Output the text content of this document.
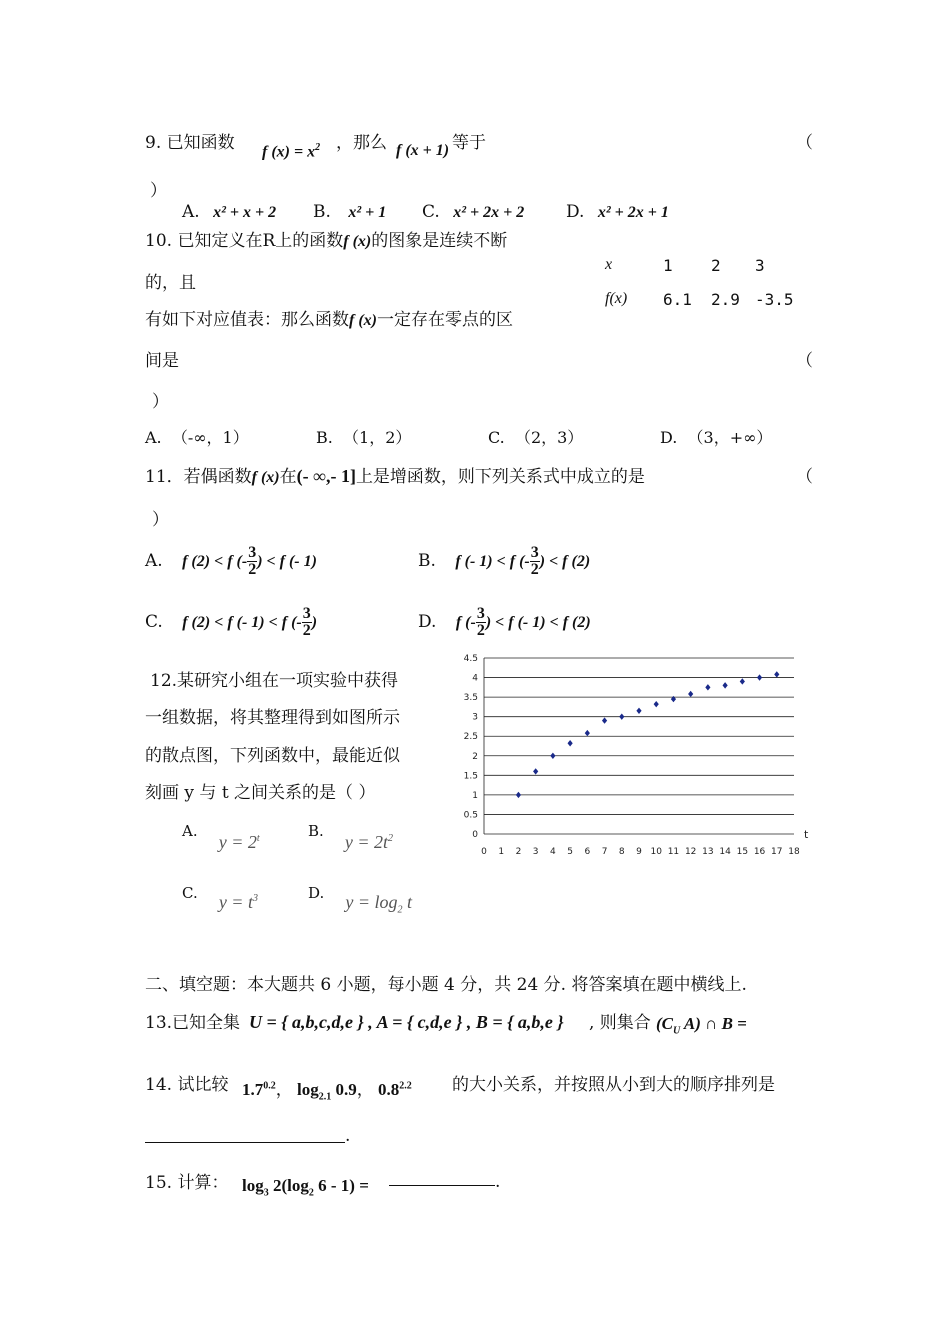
9. 已知函数 f $(x) = x^2$ ，那么 f (x + 1) 等于	（
）
A. x² + x + 2 B. x² + 1 C. x² + 2x + 2 D. x² + 2x + 1
10. 已知定义在R上的函数f (x)的图象是连续不断
的，且
有如下对应值表：那么函数f (x)一定存在零点的区
间是	（
）
x	1	2	3
f(x)	6.1	2.9	-3.5
A. （-∞，1）	B. （1，2）	C. （2，3）	D. （3，+∞）
11．若偶函数f (x)在(- ∞,- 1]上是增函数，则下列关系式中成立的是	（
）
A. f (2) < f (- $\frac{3}{2}$ ) < f (- 1)	B. f (- 1) < f (- $\frac{3}{2}$ ) < f (2)
C. f (2) < f (- 1) < f (- $\frac{3}{2}$ )	D. f (- $\frac{3}{2}$ ) < f (- 1) < f (2)
12.某研究小组在一项实验中获得
一组数据，将其整理得到如图所示
的散点图，下列函数中，最能近似
刻画 y 与 t 之间关系的是（ ）
A. $y = 2^t$	B. $y = 2t^2$
C. $y = t^3$	D. $y = \log_2 t$
0
0.5
1
1.5
2
2.5
3
3.5
4
4.5
0 1 2 3 4 5 6 7 8 9 10 11 12 13 14 15 16 17 18
t
二、填空题：本大题共 6 小题，每小题 4 分，共 24 分. 将答案填在题中横线上.
13.已知全集 U = { a,b,c,d,e } , A = { c,d,e } , B = { a,b,e } , 则集合 ($C_U$ A) ∩ B =
14. 试比较 $1.7^{0.2}$， $\log_{2.1} 0.9$， $0.8^{2.2}$ 的大小关系，并按照从小到大的顺序排列是
.
15. 计算： $\log_3 2(\log_2$ 6 - 1) =	.
